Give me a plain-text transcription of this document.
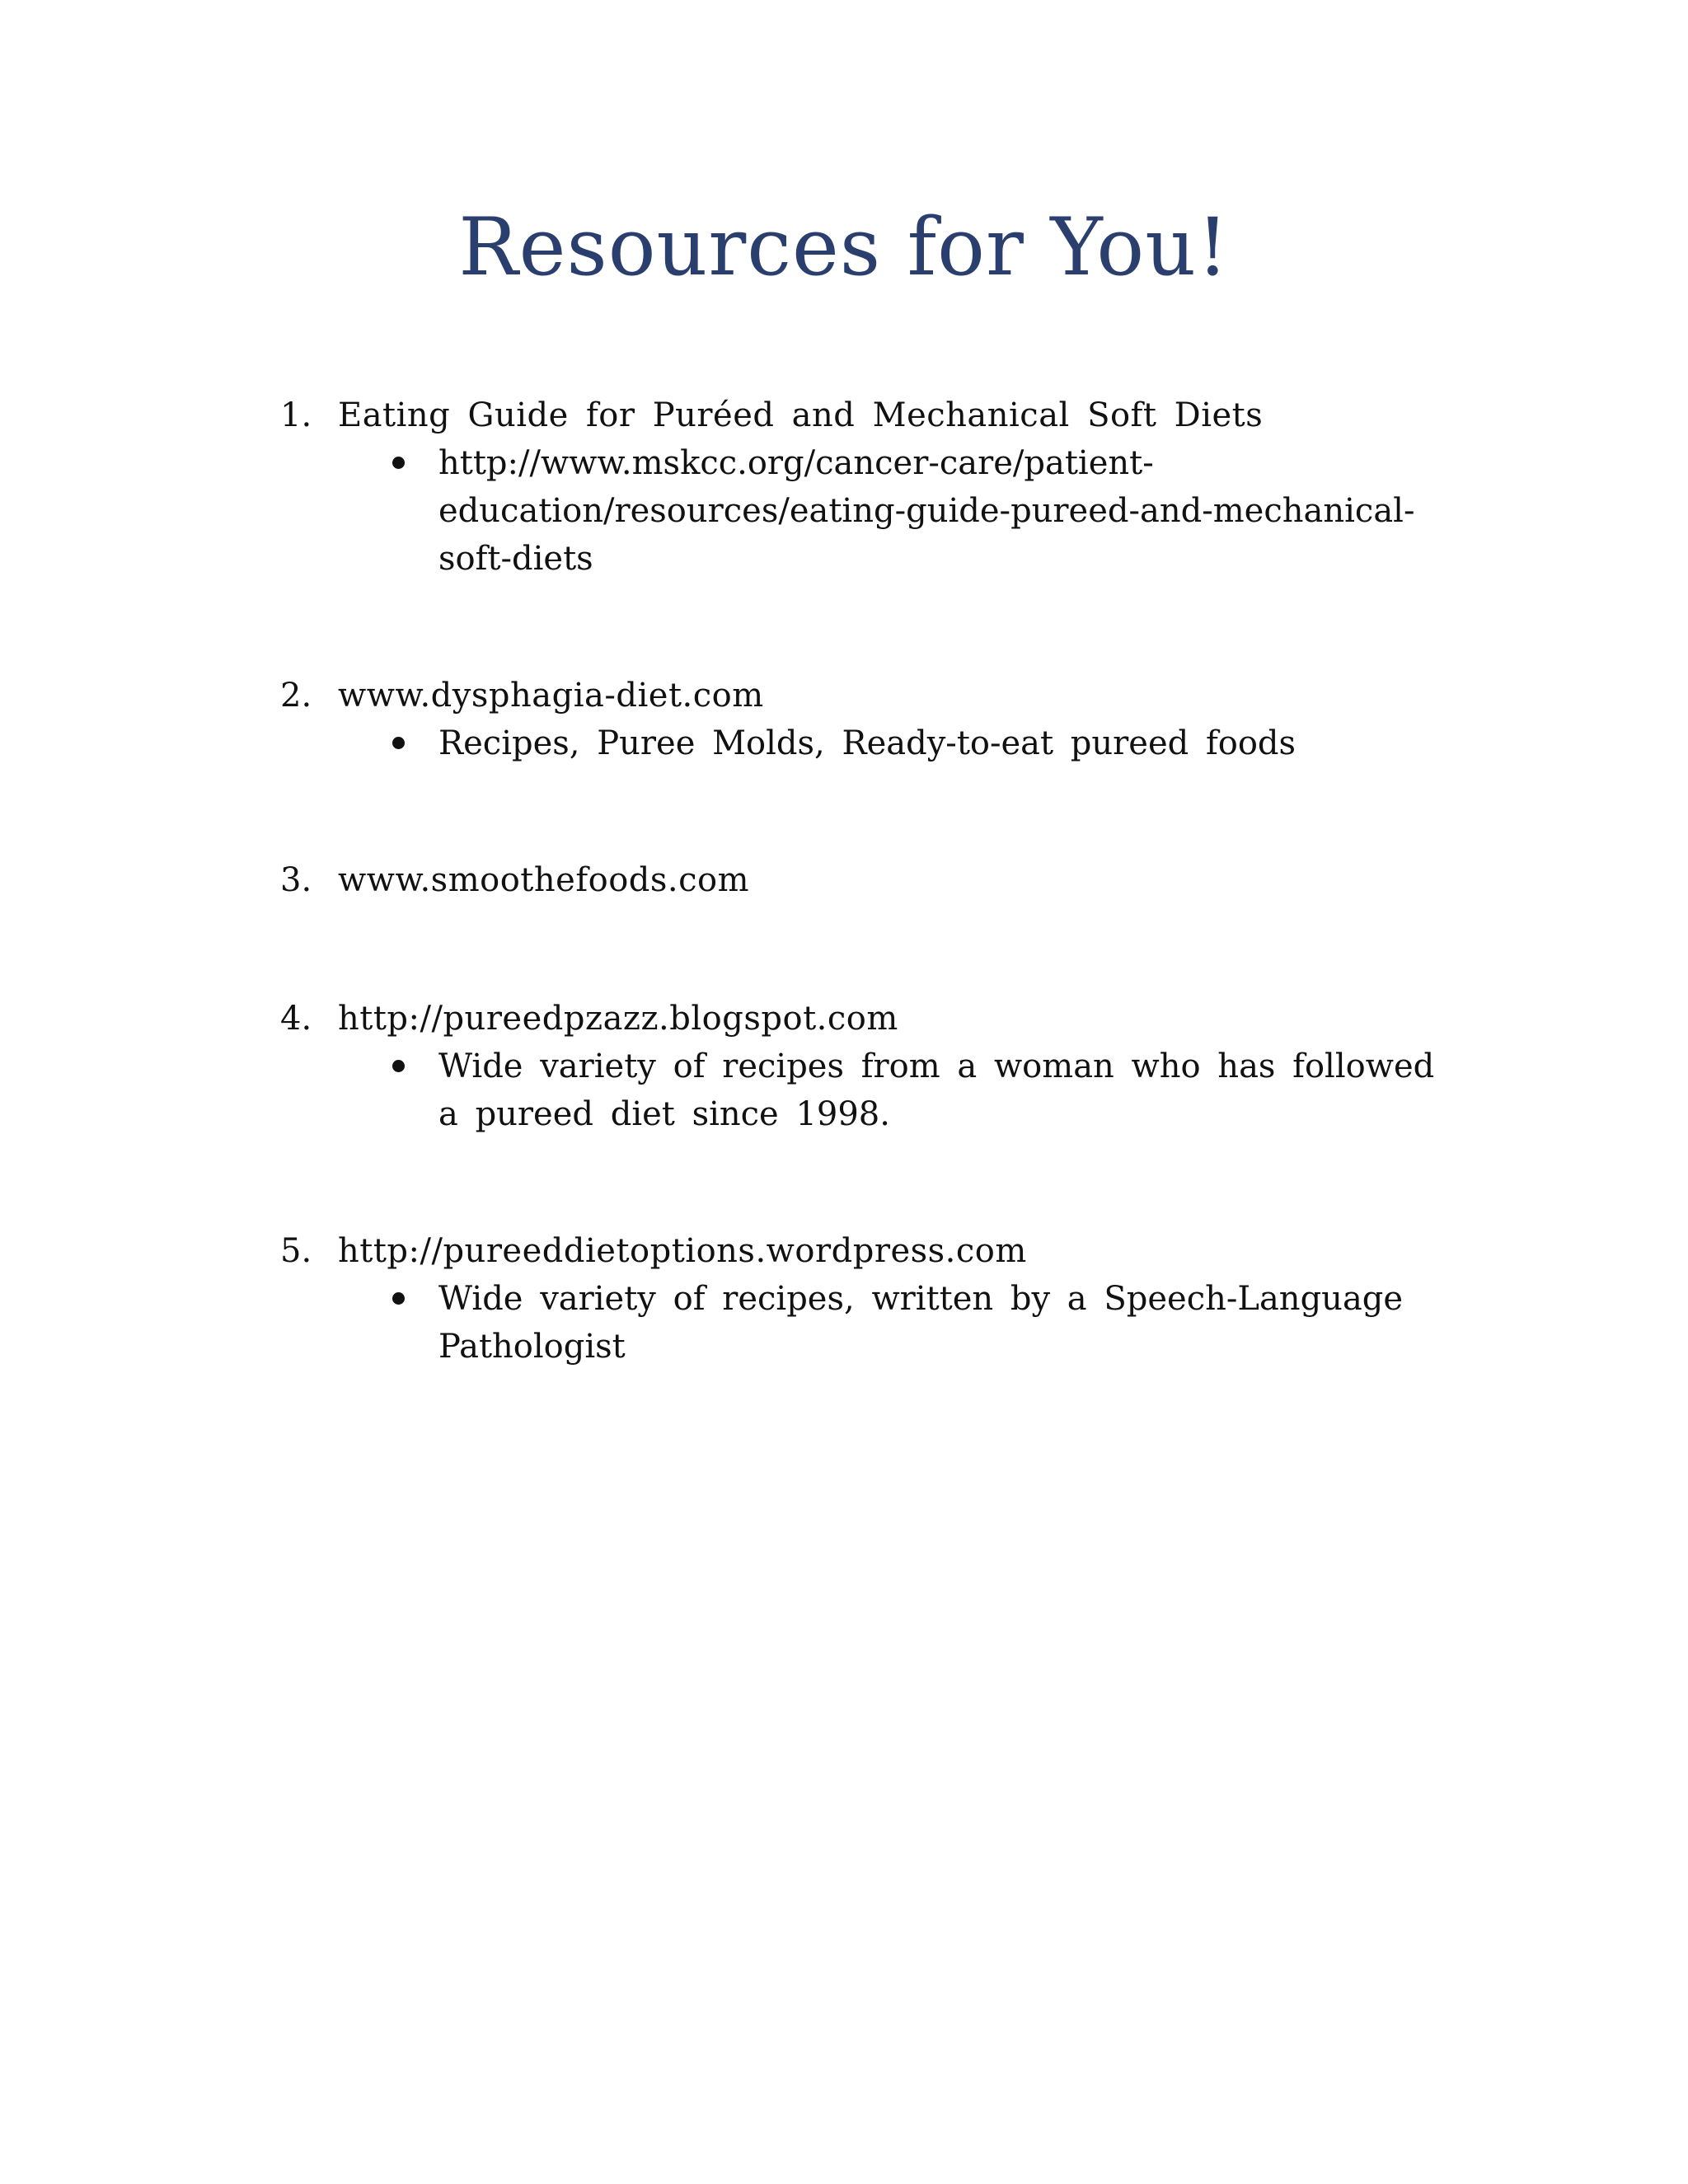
Resources for You!
1. Eating Guide for Puréed and Mechanical Soft Diets
http://www.mskcc.org/cancer-care/patient-education/resources/eating-guide-pureed-and-mechanical-soft-diets
2. www.dysphagia-diet.com
Recipes, Puree Molds, Ready-to-eat pureed foods
3. www.smoothefoods.com
4. http://pureedpzazz.blogspot.com
Wide variety of recipes from a woman who has followed a pureed diet since 1998.
5. http://pureeddietoptions.wordpress.com
Wide variety of recipes, written by a Speech-Language Pathologist
